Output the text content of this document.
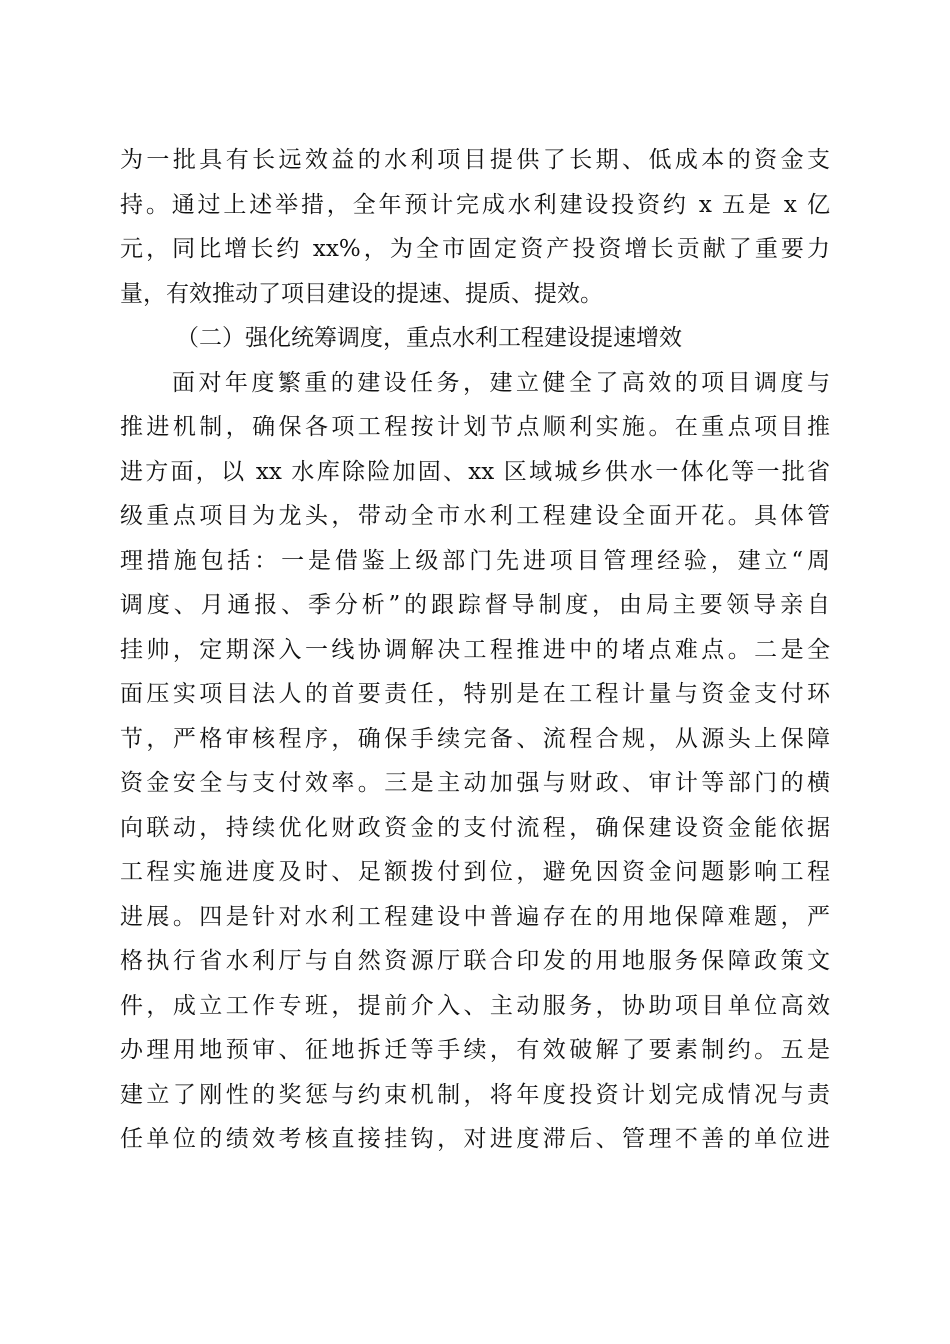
为一批具有长远效益的水利项目提供了长期、低成本的资金支
持。通过上述举措，全年预计完成水利建设投资约 x 五是 x 亿
元，同比增长约 xx%，为全市固定资产投资增长贡献了重要力
量，有效推动了项目建设的提速、提质、提效。
（二）强化统筹调度，重点水利工程建设提速增效
面对年度繁重的建设任务，建立健全了高效的项目调度与
推进机制，确保各项工程按计划节点顺利实施。在重点项目推
进方面，以 xx 水库除险加固、xx 区域城乡供水一体化等一批省
级重点项目为龙头，带动全市水利工程建设全面开花。具体管
理措施包括：一是借鉴上级部门先进项目管理经验，建立“周
调度、月通报、季分析”的跟踪督导制度，由局主要领导亲自
挂帅，定期深入一线协调解决工程推进中的堵点难点。二是全
面压实项目法人的首要责任，特别是在工程计量与资金支付环
节，严格审核程序，确保手续完备、流程合规，从源头上保障
资金安全与支付效率。三是主动加强与财政、审计等部门的横
向联动，持续优化财政资金的支付流程，确保建设资金能依据
工程实施进度及时、足额拨付到位，避免因资金问题影响工程
进展。四是针对水利工程建设中普遍存在的用地保障难题，严
格执行省水利厅与自然资源厅联合印发的用地服务保障政策文
件，成立工作专班，提前介入、主动服务，协助项目单位高效
办理用地预审、征地拆迁等手续，有效破解了要素制约。五是
建立了刚性的奖惩与约束机制，将年度投资计划完成情况与责
任单位的绩效考核直接挂钩，对进度滞后、管理不善的单位进
